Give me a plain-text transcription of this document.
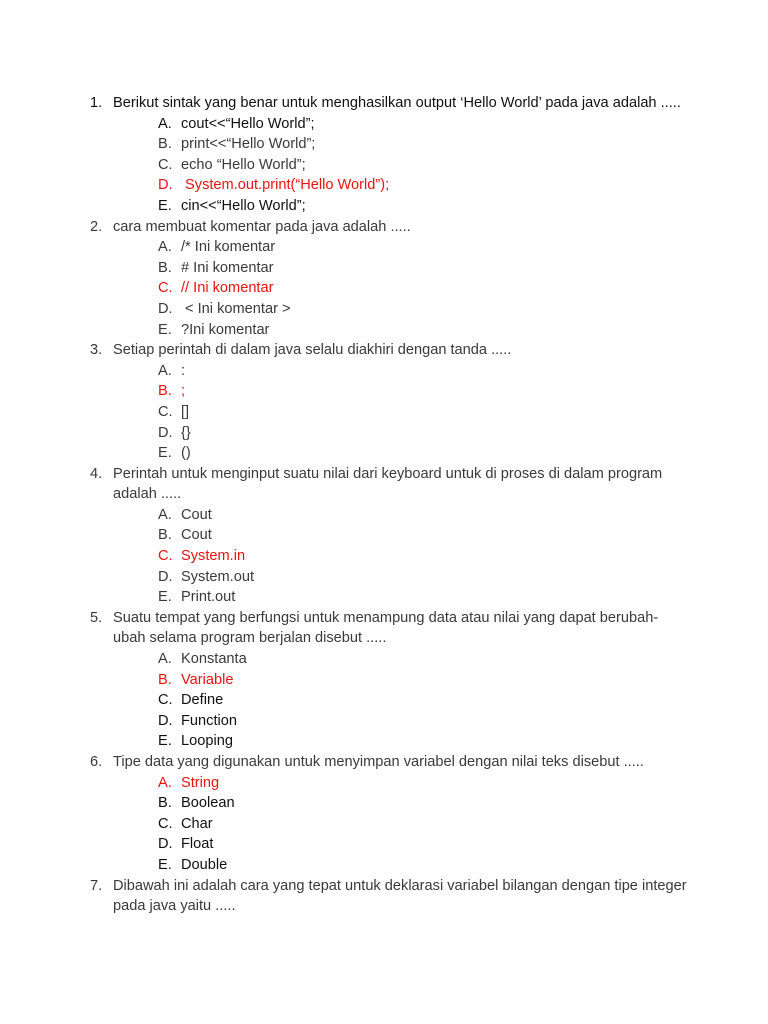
1. Berikut sintak yang benar untuk menghasilkan output ‘Hello World’ pada java adalah .....
A. cout<<“Hello World”;
B. print<<“Hello World”;
C. echo “Hello World”;
D. System.out.print(“Hello World”);
E. cin<<“Hello World”;
2. cara membuat komentar pada java adalah .....
A. /* Ini komentar
B. # Ini komentar
C. // Ini komentar
D. < Ini komentar >
E. ?Ini komentar
3. Setiap perintah di dalam java selalu diakhiri dengan tanda .....
A. :
B. ;
C. []
D. {}
E. ()
4. Perintah untuk menginput suatu nilai dari keyboard untuk di proses di dalam program adalah .....
A. Cout
B. Cout
C. System.in
D. System.out
E. Print.out
5. Suatu tempat yang berfungsi untuk menampung data atau nilai yang dapat berubah-ubah selama program berjalan disebut .....
A. Konstanta
B. Variable
C. Define
D. Function
E. Looping
6. Tipe data yang digunakan untuk menyimpan variabel dengan nilai teks disebut .....
A. String
B. Boolean
C. Char
D. Float
E. Double
7. Dibawah ini adalah cara yang tepat untuk deklarasi variabel bilangan dengan tipe integer pada java yaitu .....
